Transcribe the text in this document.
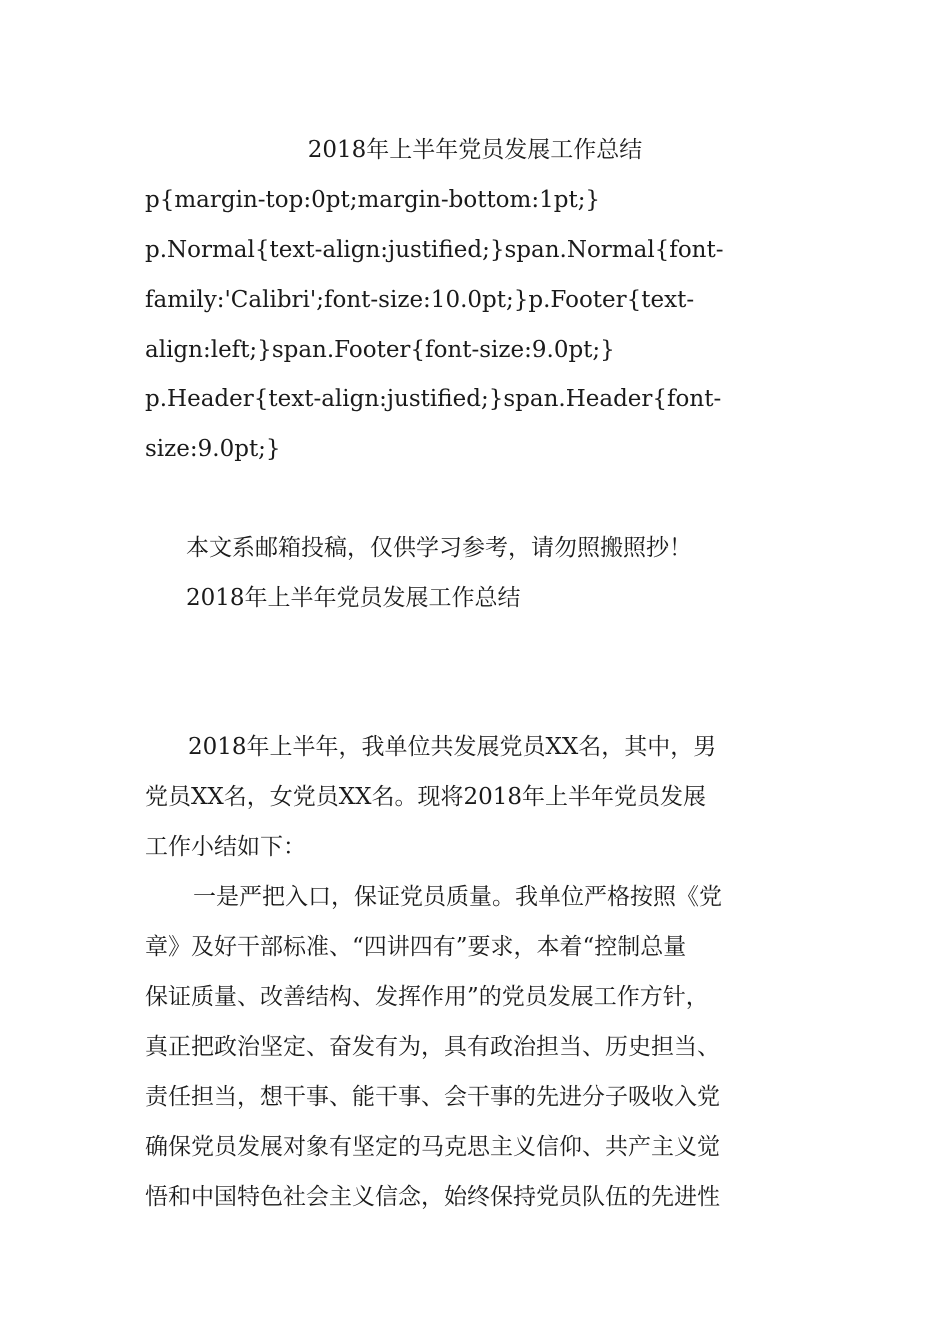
2018年上半年党员发展工作总结
p{margin-top:0pt;margin-bottom:1pt;}
p.Normal{text-align:justified;}span.Normal{font-
family:'Calibri';font-size:10.0pt;}p.Footer{text-
align:left;}span.Footer{font-size:9.0pt;}
p.Header{text-align:justified;}span.Header{font-
size:9.0pt;}
本文系邮箱投稿，仅供学习参考，请勿照搬照抄！
2018年上半年党员发展工作总结
2018年上半年，我单位共发展党员XX名，其中，男
党员XX名，女党员XX名。现将2018年上半年党员发展
工作小结如下：
一是严把入口，保证党员质量。我单位严格按照《党
章》及好干部标准、“四讲四有”要求，本着“控制总量
保证质量、改善结构、发挥作用”的党员发展工作方针，
真正把政治坚定、奋发有为，具有政治担当、历史担当、
责任担当，想干事、能干事、会干事的先进分子吸收入党
确保党员发展对象有坚定的马克思主义信仰、共产主义觉
悟和中国特色社会主义信念，始终保持党员队伍的先进性
